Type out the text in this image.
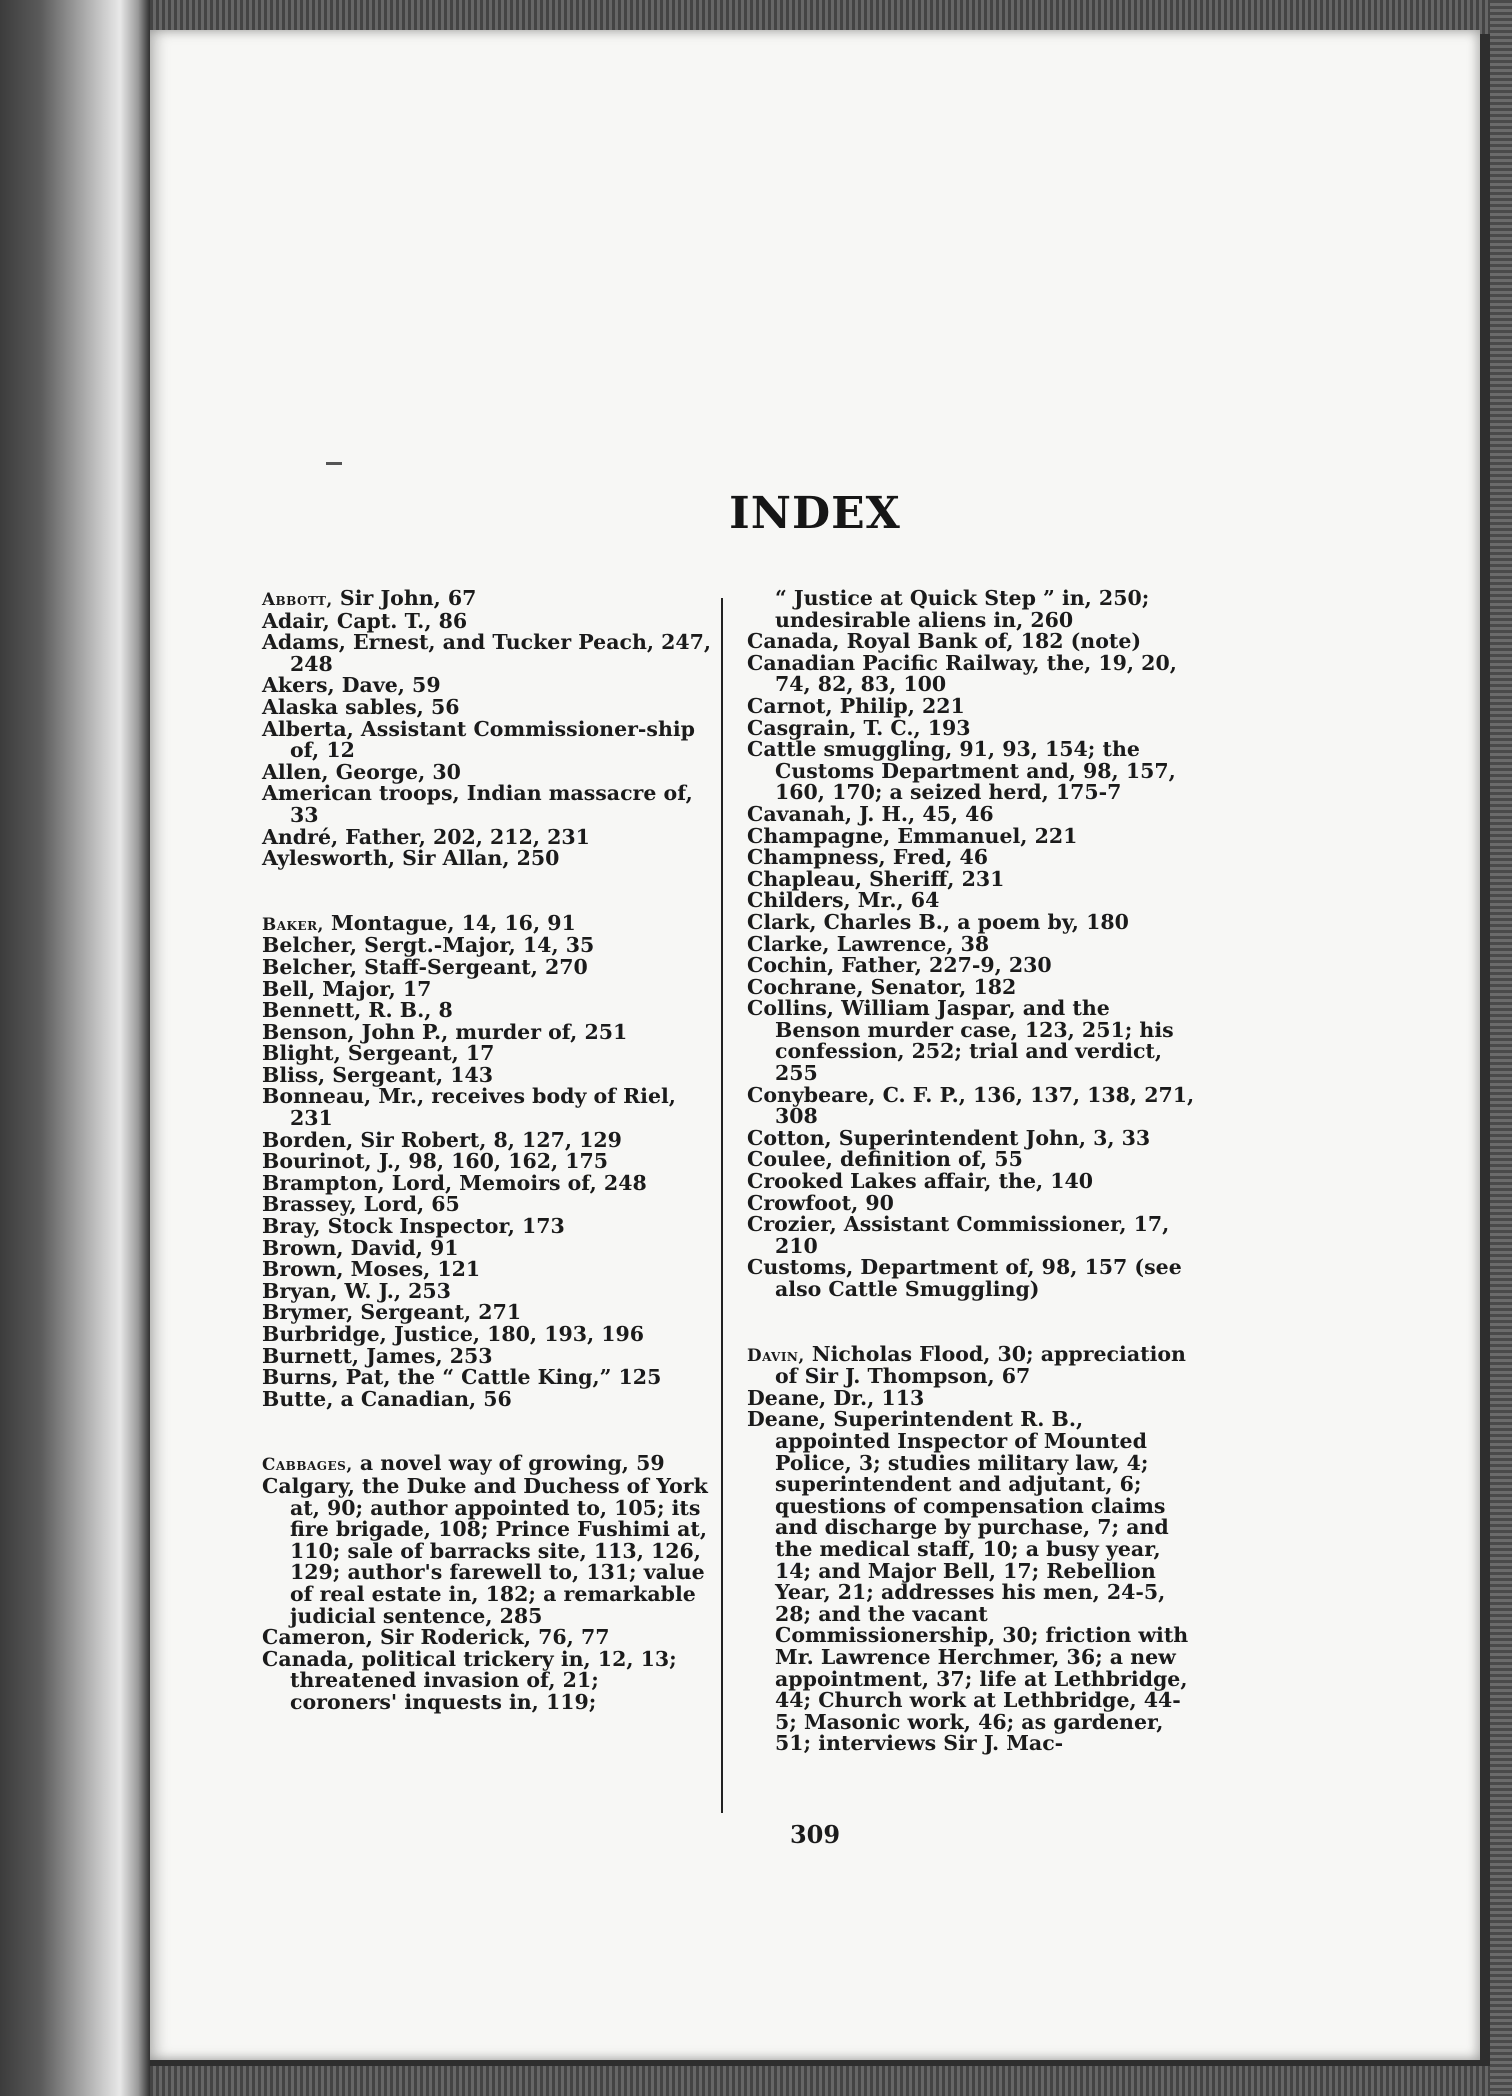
INDEX

Abbott, Sir John, 67

Adair, Capt. T., 86

Adams, Ernest, and Tucker Peach, 247, 248

Akers, Dave, 59

Alaska sables, 56

Alberta, Assistant Commissioner-ship of, 12

Allen, George, 30

American troops, Indian massacre of, 33

André, Father, 202, 212, 231

Aylesworth, Sir Allan, 250

Baker, Montague, 14, 16, 91

Belcher, Sergt.-Major, 14, 35

Belcher, Staff-Sergeant, 270

Bell, Major, 17

Bennett, R. B., 8

Benson, John P., murder of, 251

Blight, Sergeant, 17

Bliss, Sergeant, 143

Bonneau, Mr., receives body of Riel, 231

Borden, Sir Robert, 8, 127, 129

Bourinot, J., 98, 160, 162, 175

Brampton, Lord, Memoirs of, 248

Brassey, Lord, 65

Bray, Stock Inspector, 173

Brown, David, 91

Brown, Moses, 121

Bryan, W. J., 253

Brymer, Sergeant, 271

Burbridge, Justice, 180, 193, 196

Burnett, James, 253

Burns, Pat, the “ Cattle King,” 125

Butte, a Canadian, 56

Cabbages, a novel way of growing, 59

Calgary, the Duke and Duchess of York at, 90; author appointed to, 105; its fire brigade, 108; Prince Fushimi at, 110; sale of barracks site, 113, 126, 129; author's farewell to, 131; value of real estate in, 182; a remarkable judicial sentence, 285

Cameron, Sir Roderick, 76, 77

Canada, political trickery in, 12, 13; threatened invasion of, 21; coroners' inquests in, 119;

“ Justice at Quick Step ” in, 250; undesirable aliens in, 260

Canada, Royal Bank of, 182 (note)

Canadian Pacific Railway, the, 19, 20, 74, 82, 83, 100

Carnot, Philip, 221

Casgrain, T. C., 193

Cattle smuggling, 91, 93, 154; the Customs Department and, 98, 157, 160, 170; a seized herd, 175-7

Cavanah, J. H., 45, 46

Champagne, Emmanuel, 221

Champness, Fred, 46

Chapleau, Sheriff, 231

Childers, Mr., 64

Clark, Charles B., a poem by, 180

Clarke, Lawrence, 38

Cochin, Father, 227-9, 230

Cochrane, Senator, 182

Collins, William Jaspar, and the Benson murder case, 123, 251; his confession, 252; trial and verdict, 255

Conybeare, C. F. P., 136, 137, 138, 271, 308

Cotton, Superintendent John, 3, 33

Coulee, definition of, 55

Crooked Lakes affair, the, 140

Crowfoot, 90

Crozier, Assistant Commissioner, 17, 210

Customs, Department of, 98, 157 (see also Cattle Smuggling)

Davin, Nicholas Flood, 30; appreciation of Sir J. Thompson, 67

Deane, Dr., 113

Deane, Superintendent R. B., appointed Inspector of Mounted Police, 3; studies military law, 4; superintendent and adjutant, 6; questions of compensation claims and discharge by purchase, 7; and the medical staff, 10; a busy year, 14; and Major Bell, 17; Rebellion Year, 21; addresses his men, 24-5, 28; and the vacant Commissionership, 30; friction with Mr. Lawrence Herchmer, 36; a new appointment, 37; life at Lethbridge, 44; Church work at Lethbridge, 44-5; Masonic work, 46; as gardener, 51; interviews Sir J. Mac-

309
